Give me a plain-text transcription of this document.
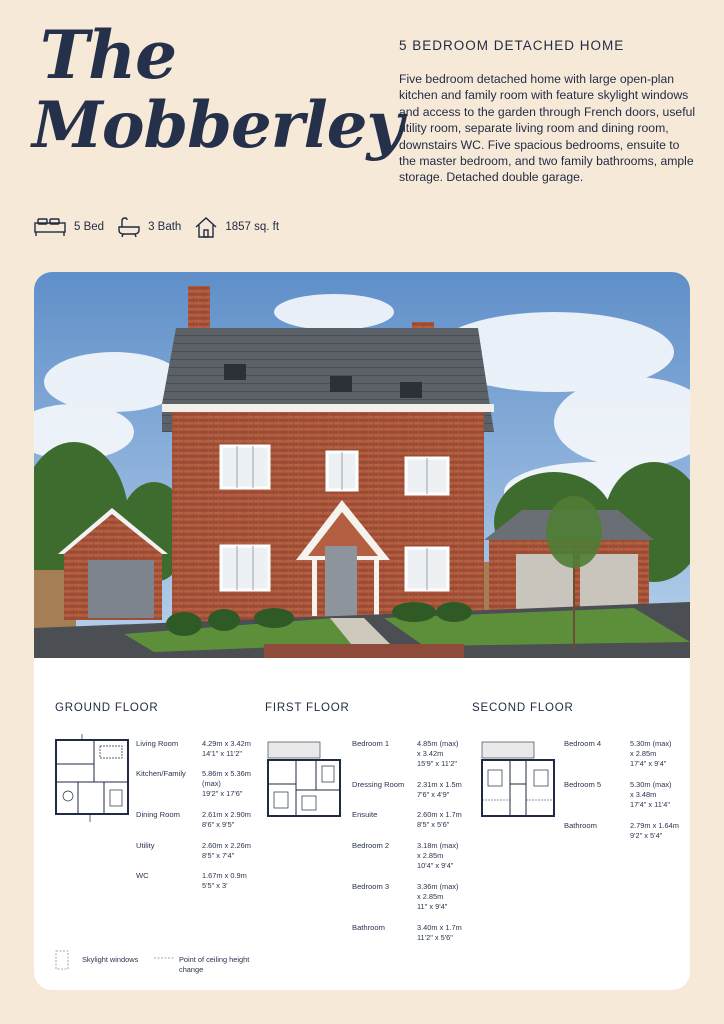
The
Mobberley
5 BEDROOM DETACHED HOME
Five bedroom detached home with large open-plan kitchen and family room with feature skylight windows and access to the garden through French doors, useful utility room, separate living room and dining room, downstairs WC. Five spacious bedrooms, ensuite to the master bedroom, and two family bathrooms, ample storage. Detached double garage.
5 Bed	3 Bath	1857 sq. ft
GROUND FLOOR	FIRST FLOOR	SECOND FLOOR
Living Room	4.29m x 3.42m
14'1" x 11'2"
Kitchen/Family 5.86m x 5.36m
(max)
19'2" x 17'6"
Dining Room	2.61m x 2.90m
8'6" x 9'5"
Utility	2.60m x 2.26m
8'5" x 7'4"
WC	1.67m x 0.9m
5'5" x 3'
Bedroom 1	4.85m (max)
x 3.42m
15'9" x 11'2"
Dressing Room 2.31m x 1.5m
7'6" x 4'9"
Ensuite	2.60m x 1.7m
8'5" x 5'6"
Bedroom 2	3.18m (max)
x 2.85m
10'4" x 9'4"
Bedroom 3	3.36m (max)
x 2.85m
11" x 9'4"
Bathroom	3.40m x 1.7m
11'2" x 5'6"
Bedroom 4	5.30m (max)
x 2.85m
17'4" x 9'4"
Bedroom 5	5.30m (max)
x 3.48m
17'4" x 11'4"
Bathroom	2.79m x 1.64m
9'2" x 5'4"
Skylight windows	Point of ceiling height
change
